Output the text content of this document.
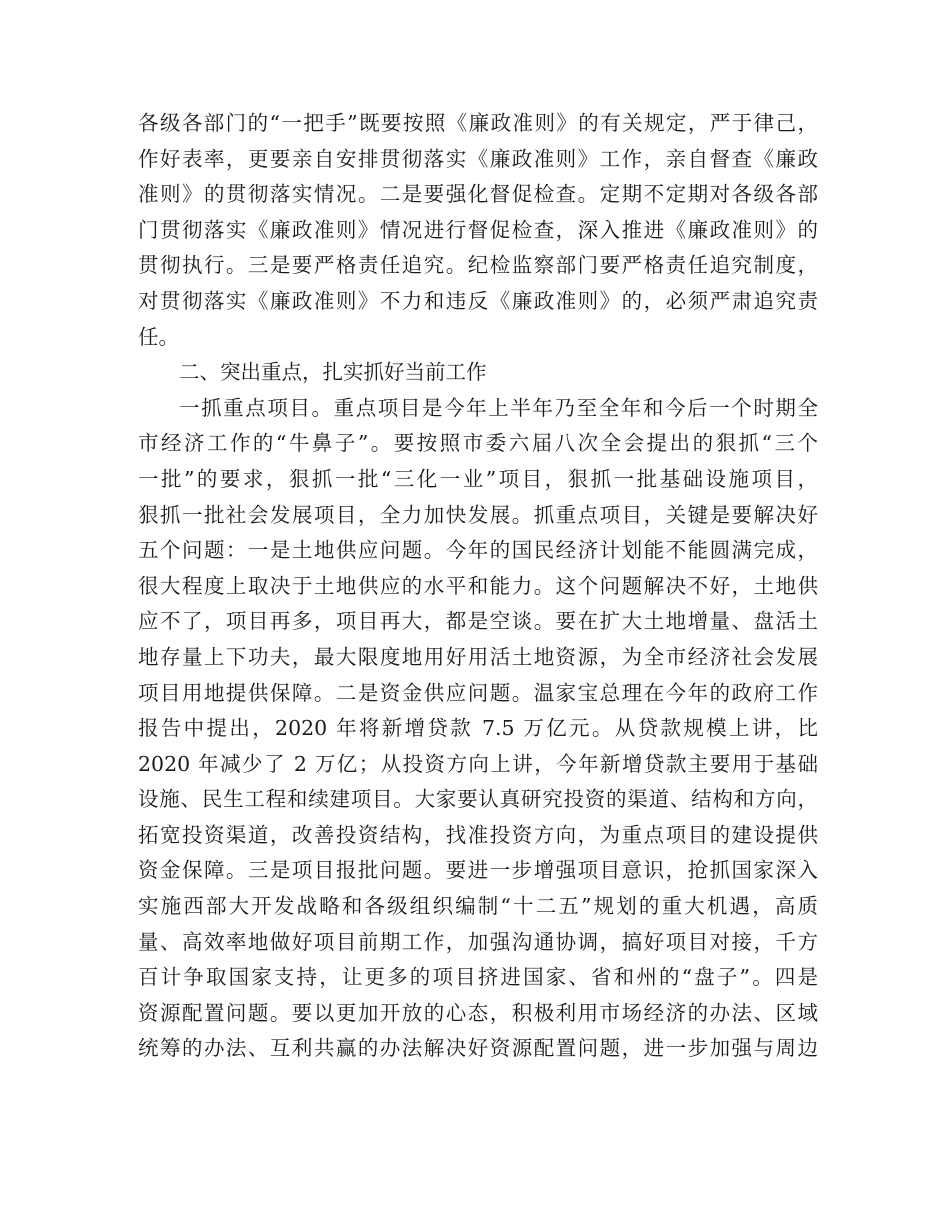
各级各部门的“一把手”既要按照《廉政准则》的有关规定，严于律己，
作好表率，更要亲自安排贯彻落实《廉政准则》工作，亲自督查《廉政
准则》的贯彻落实情况。二是要强化督促检查。定期不定期对各级各部
门贯彻落实《廉政准则》情况进行督促检查，深入推进《廉政准则》的
贯彻执行。三是要严格责任追究。纪检监察部门要严格责任追究制度，
对贯彻落实《廉政准则》不力和违反《廉政准则》的，必须严肃追究责
任。
二、突出重点，扎实抓好当前工作
一抓重点项目。重点项目是今年上半年乃至全年和今后一个时期全
市经济工作的“牛鼻子”。要按照市委六届八次全会提出的狠抓“三个
一批”的要求，狠抓一批“三化一业”项目，狠抓一批基础设施项目，
狠抓一批社会发展项目，全力加快发展。抓重点项目，关键是要解决好
五个问题：一是土地供应问题。今年的国民经济计划能不能圆满完成，
很大程度上取决于土地供应的水平和能力。这个问题解决不好，土地供
应不了，项目再多，项目再大，都是空谈。要在扩大土地增量、盘活土
地存量上下功夫，最大限度地用好用活土地资源，为全市经济社会发展
项目用地提供保障。二是资金供应问题。温家宝总理在今年的政府工作
报告中提出，2020 年将新增贷款 7.5 万亿元。从贷款规模上讲，比
2020 年减少了 2 万亿；从投资方向上讲，今年新增贷款主要用于基础
设施、民生工程和续建项目。大家要认真研究投资的渠道、结构和方向，
拓宽投资渠道，改善投资结构，找准投资方向，为重点项目的建设提供
资金保障。三是项目报批问题。要进一步增强项目意识，抢抓国家深入
实施西部大开发战略和各级组织编制“十二五”规划的重大机遇，高质
量、高效率地做好项目前期工作，加强沟通协调，搞好项目对接，千方
百计争取国家支持，让更多的项目挤进国家、省和州的“盘子”。四是
资源配置问题。要以更加开放的心态，积极利用市场经济的办法、区域
统筹的办法、互利共赢的办法解决好资源配置问题，进一步加强与周边
